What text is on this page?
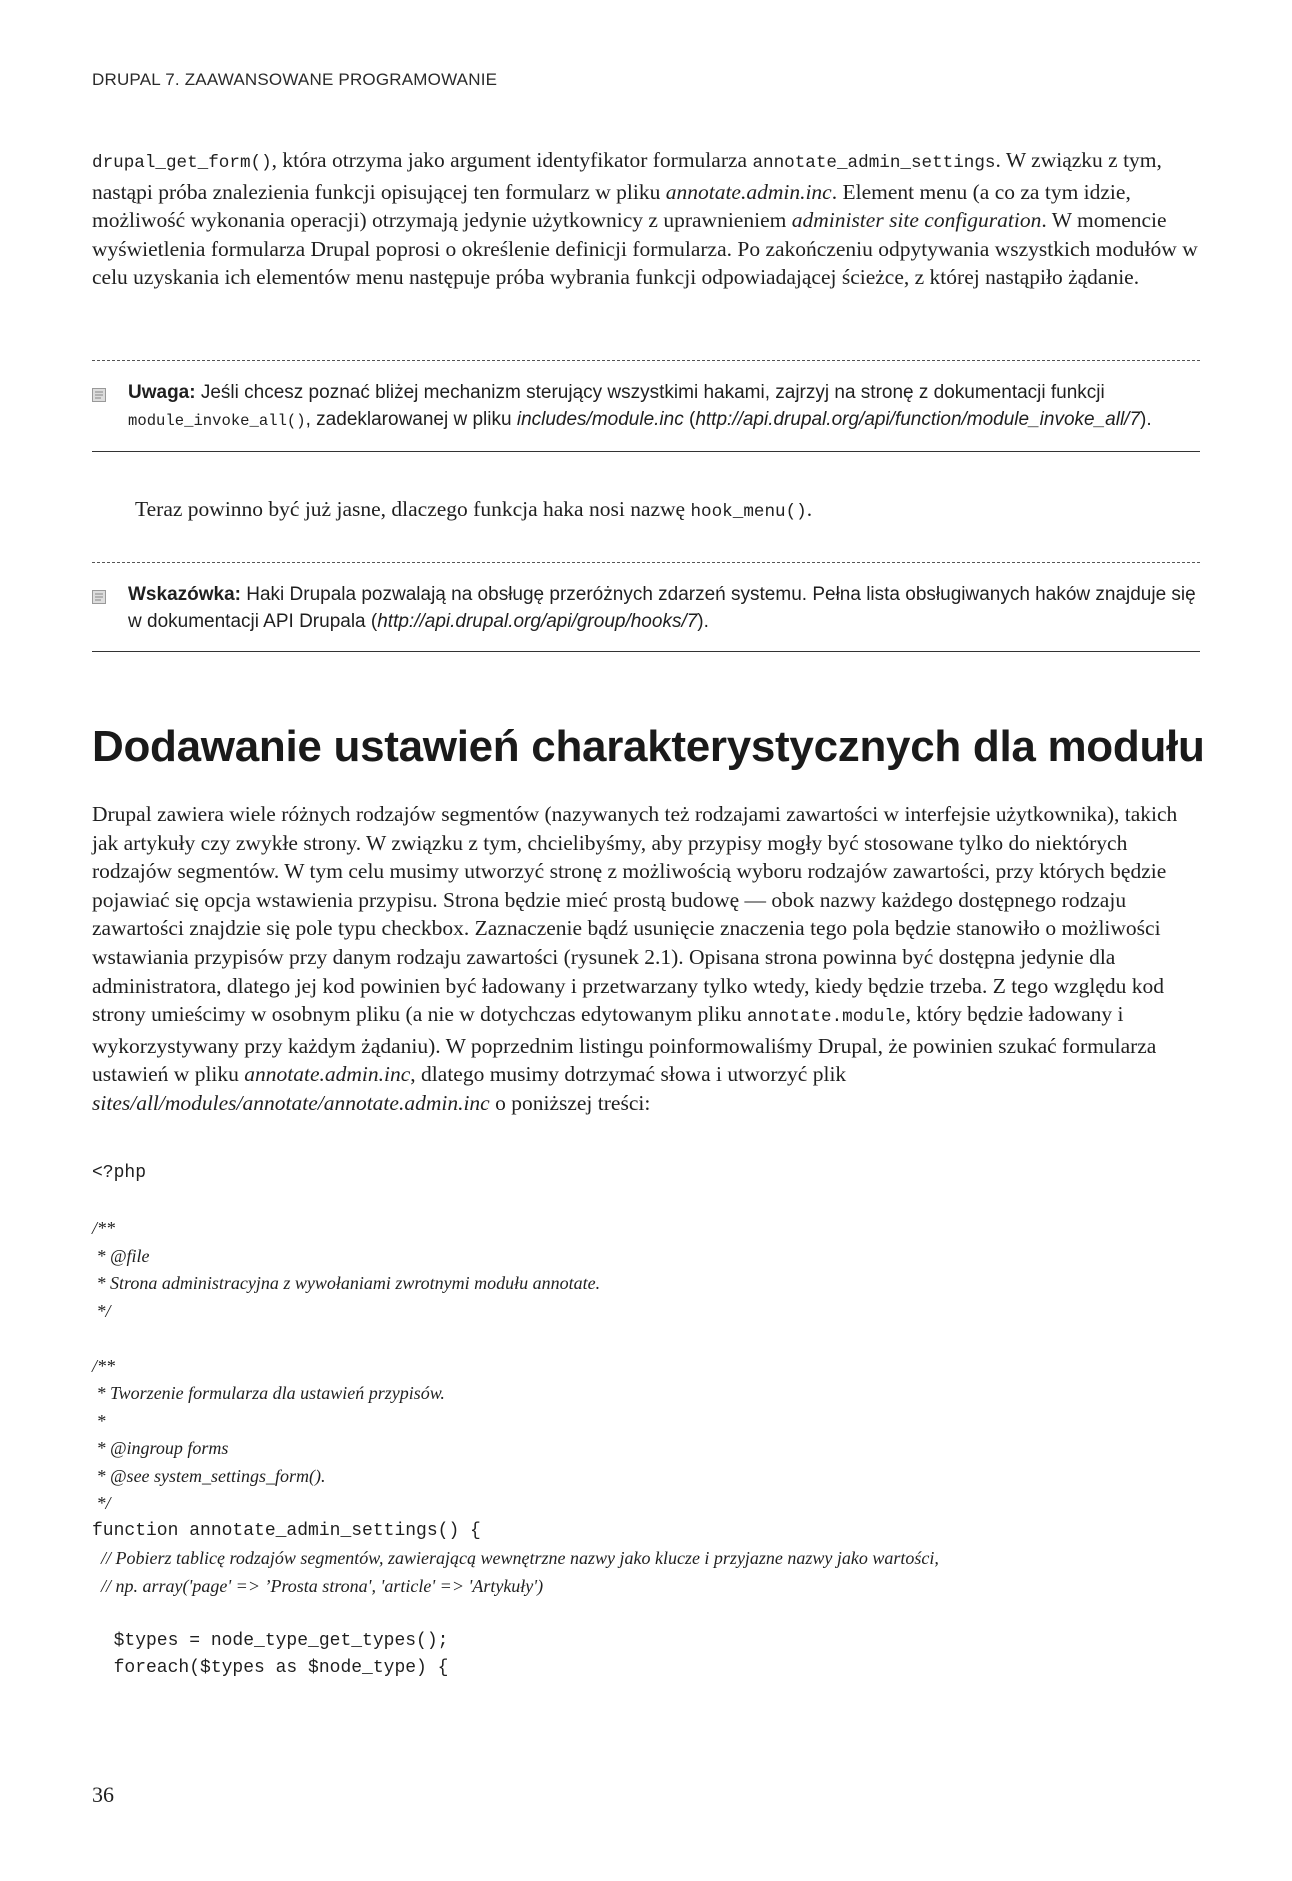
DRUPAL 7. ZAAWANSOWANE PROGRAMOWANIE

drupal_get_form(), która otrzyma jako argument identyfikator formularza annotate_admin_settings. W związku z tym, nastąpi próba znalezienia funkcji opisującej ten formularz w pliku annotate.admin.inc. Element menu (a co za tym idzie, możliwość wykonania operacji) otrzymają jedynie użytkownicy z uprawnieniem administer site configuration. W momencie wyświetlenia formularza Drupal poprosi o określenie definicji formularza. Po zakończeniu odpytywania wszystkich modułów w celu uzyskania ich elementów menu następuje próba wybrania funkcji odpowiadającej ścieżce, z której nastąpiło żądanie.

Uwaga: Jeśli chcesz poznać bliżej mechanizm sterujący wszystkimi hakami, zajrzyj na stronę z dokumentacji funkcji module_invoke_all(), zadeklarowanej w pliku includes/module.inc (http://api.drupal.org/api/function/module_invoke_all/7).

Teraz powinno być już jasne, dlaczego funkcja haka nosi nazwę hook_menu().

Wskazówka: Haki Drupala pozwalają na obsługę przeróżnych zdarzeń systemu. Pełna lista obsługiwanych haków znajduje się w dokumentacji API Drupala (http://api.drupal.org/api/group/hooks/7).
Dodawanie ustawień charakterystycznych dla modułu

Drupal zawiera wiele różnych rodzajów segmentów (nazywanych też rodzajami zawartości w interfejsie użytkownika), takich jak artykuły czy zwykłe strony. W związku z tym, chcielibyśmy, aby przypisy mogły być stosowane tylko do niektórych rodzajów segmentów. W tym celu musimy utworzyć stronę z możliwością wyboru rodzajów zawartości, przy których będzie pojawiać się opcja wstawienia przypisu. Strona będzie mieć prostą budowę — obok nazwy każdego dostępnego rodzaju zawartości znajdzie się pole typu checkbox. Zaznaczenie bądź usunięcie znaczenia tego pola będzie stanowiło o możliwości wstawiania przypisów przy danym rodzaju zawartości (rysunek 2.1). Opisana strona powinna być dostępna jedynie dla administratora, dlatego jej kod powinien być ładowany i przetwarzany tylko wtedy, kiedy będzie trzeba. Z tego względu kod strony umieścimy w osobnym pliku (a nie w dotychczas edytowanym pliku annotate.module, który będzie ładowany i wykorzystywany przy każdym żądaniu). W poprzednim listingu poinformowaliśmy Drupal, że powinien szukać formularza ustawień w pliku annotate.admin.inc, dlatego musimy dotrzymać słowa i utworzyć plik sites/all/modules/annotate/annotate.admin.inc o poniższej treści:

<?php
/**
* @file
* Strona administracyjna z wywołaniami zwrotnymi modułu annotate.
*/
/**
* Tworzenie formularza dla ustawień przypisów.
*
* @ingroup forms
* @see system_settings_form().
*/
function annotate_admin_settings() {
// Pobierz tablicę rodzajów segmentów, zawierającą wewnętrzne nazwy jako klucze i przyjazne nazwy jako wartości,
// np. array('page' => ’Prosta strona', 'article' => 'Artykuły')
$types = node_type_get_types();
foreach($types as $node_type) {
36
